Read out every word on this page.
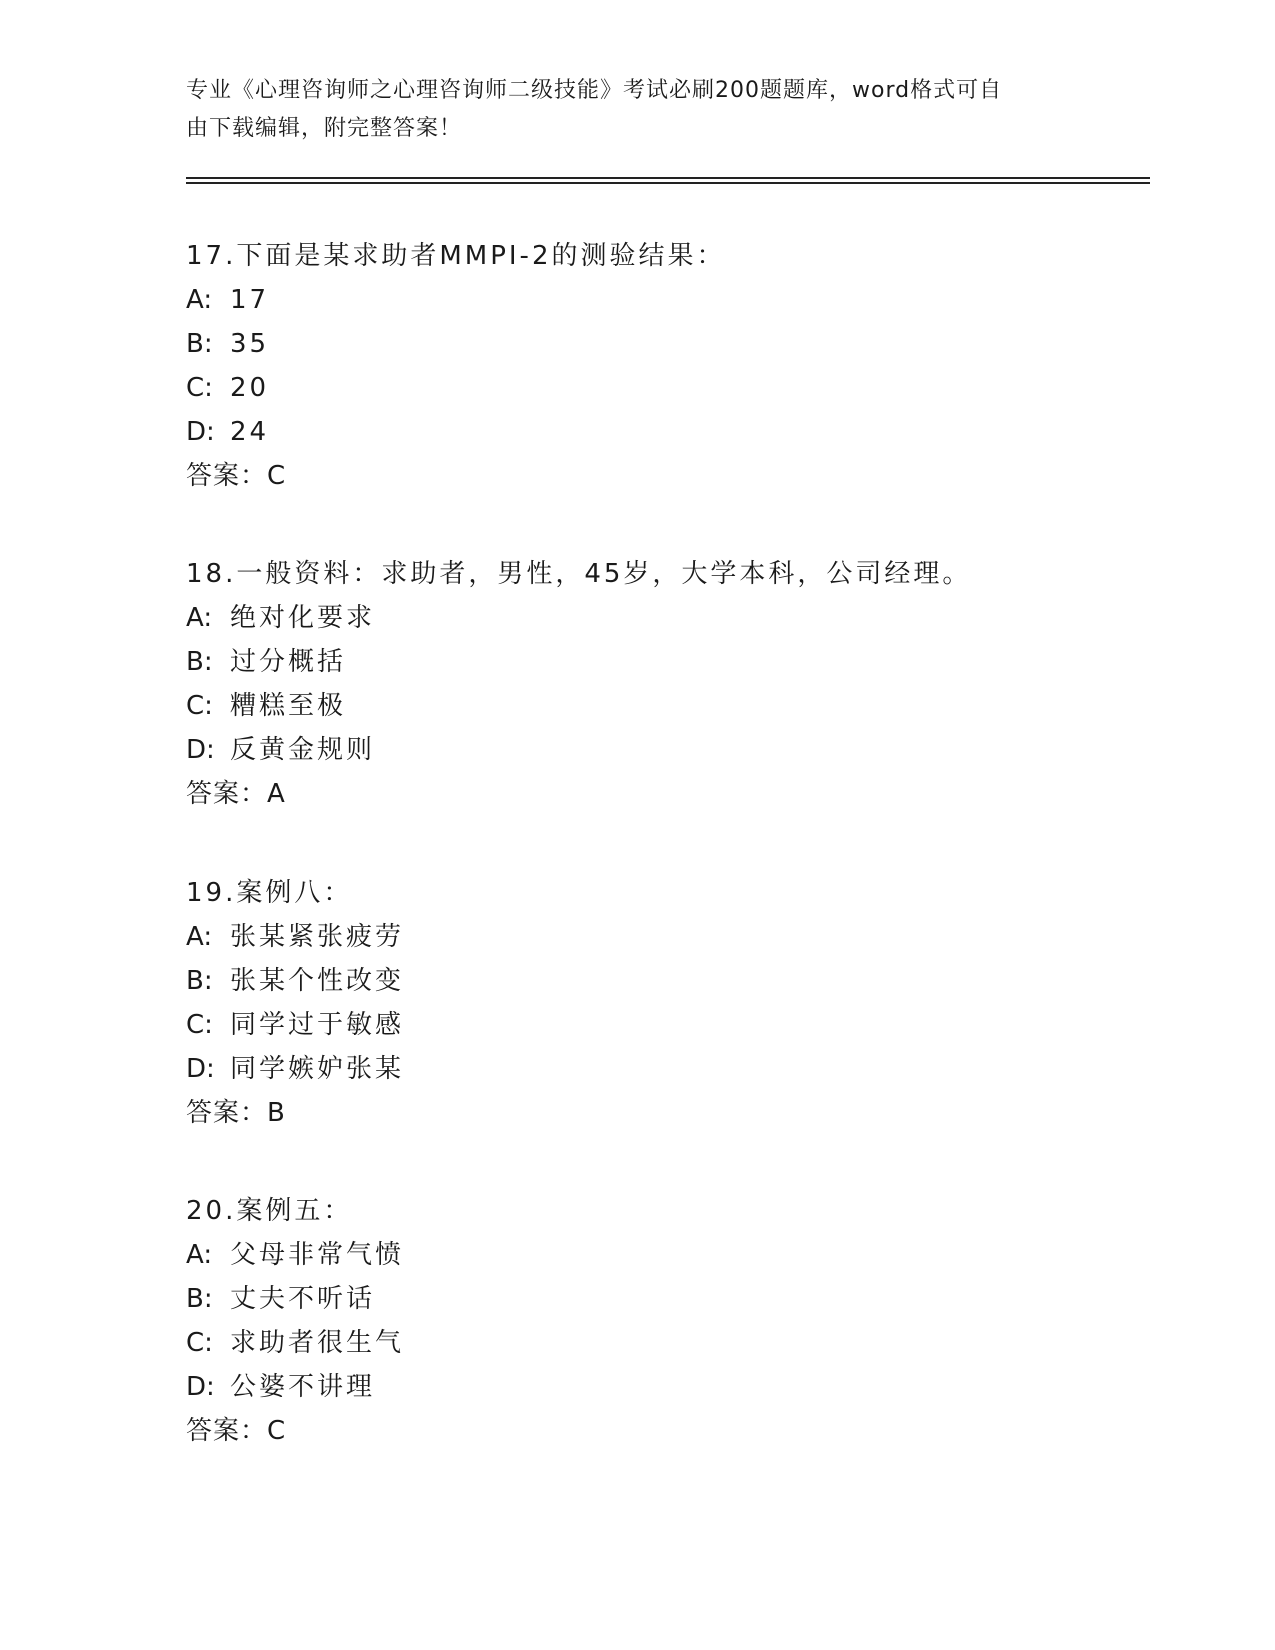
专业《心理咨询师之心理咨询师二级技能》考试必刷200题题库，word格式可自
由下载编辑，附完整答案！
17.下面是某求助者MMPI-2的测验结果：
A: 17
B: 35
C: 20
D: 24
答案：C
18.一般资料：求助者，男性，45岁，大学本科，公司经理。
A: 绝对化要求
B: 过分概括
C: 糟糕至极
D: 反黄金规则
答案：A
19.案例八：
A: 张某紧张疲劳
B: 张某个性改变
C: 同学过于敏感
D: 同学嫉妒张某
答案：B
20.案例五：
A: 父母非常气愤
B: 丈夫不听话
C: 求助者很生气
D: 公婆不讲理
答案：C
